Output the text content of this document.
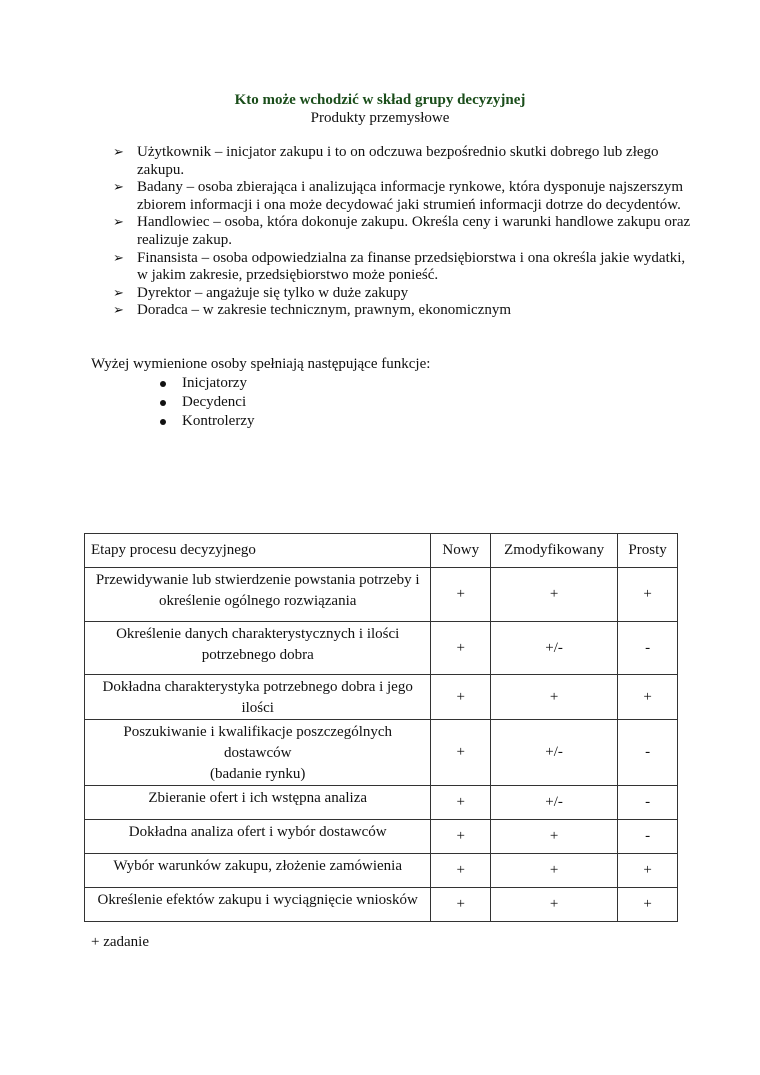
Kto może wchodzić w skład grupy decyzyjnej
Produkty przemysłowe
➢ Użytkownik – inicjator zakupu i to on odczuwa bezpośrednio skutki dobrego lub złego zakupu.
➢ Badany – osoba zbierająca i analizująca informacje rynkowe, która dysponuje najszerszym zbiorem informacji i ona może decydować jaki strumień informacji dotrze do decydentów.
➢ Handlowiec – osoba, która dokonuje zakupu. Określa ceny i warunki handlowe zakupu oraz realizuje zakup.
➢ Finansista – osoba odpowiedzialna za finanse przedsiębiorstwa i ona określa jakie wydatki, w jakim zakresie, przedsiębiorstwo może ponieść.
➢ Dyrektor – angażuje się tylko w duże zakupy
➢ Doradca – w zakresie technicznym, prawnym, ekonomicznym
Wyżej wymienione osoby spełniają następujące funkcje:
Inicjatorzy
Decydenci
Kontrolerzy
Etapy procesu decyzyjnego	Nowy	Zmodyfikowany	Prosty

Przewidywanie lub stwierdzenie powstania potrzeby i
określenie ogólnego rozwiązania	+	+	+

Określenie danych charakterystycznych i ilości
potrzebnego dobra	+	+/-	-

Dokładna charakterystyka potrzebnego dobra i jego ilości	+	+	+

Poszukiwanie i kwalifikacje poszczególnych dostawców
(badanie rynku)	+	+/-	-

Zbieranie ofert i ich wstępna analiza	+	+/-	-

Dokładna analiza ofert i wybór dostawców	+	+	-

Wybór warunków zakupu, złożenie zamówienia	+	+	+

Określenie efektów zakupu i wyciągnięcie wniosków	+	+	+
+ zadanie
